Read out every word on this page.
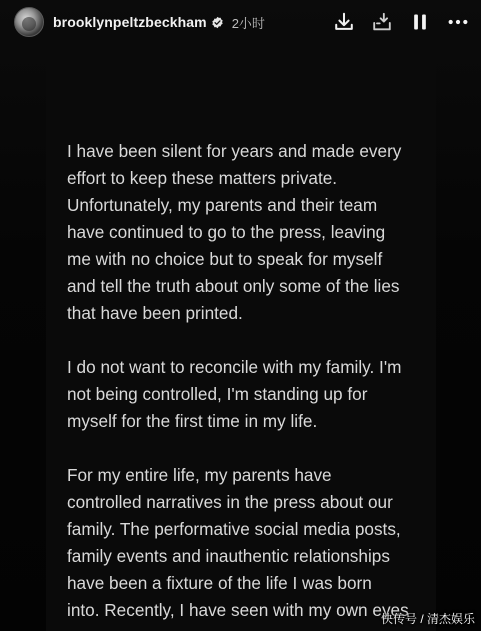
brooklynpeltzbeckham 2小时

I have been silent for years and made every
effort to keep these matters private.
Unfortunately, my parents and their team
have continued to go to the press, leaving
me with no choice but to speak for myself
and tell the truth about only some of the lies
that have been printed.

I do not want to reconcile with my family. I'm
not being controlled, I'm standing up for
myself for the first time in my life.

For my entire life, my parents have
controlled narratives in the press about our
family. The performative social media posts,
family events and inauthentic relationships
have been a fixture of the life I was born
into. Recently, I have seen with my own eyes

快传号 / 清杰娱乐
